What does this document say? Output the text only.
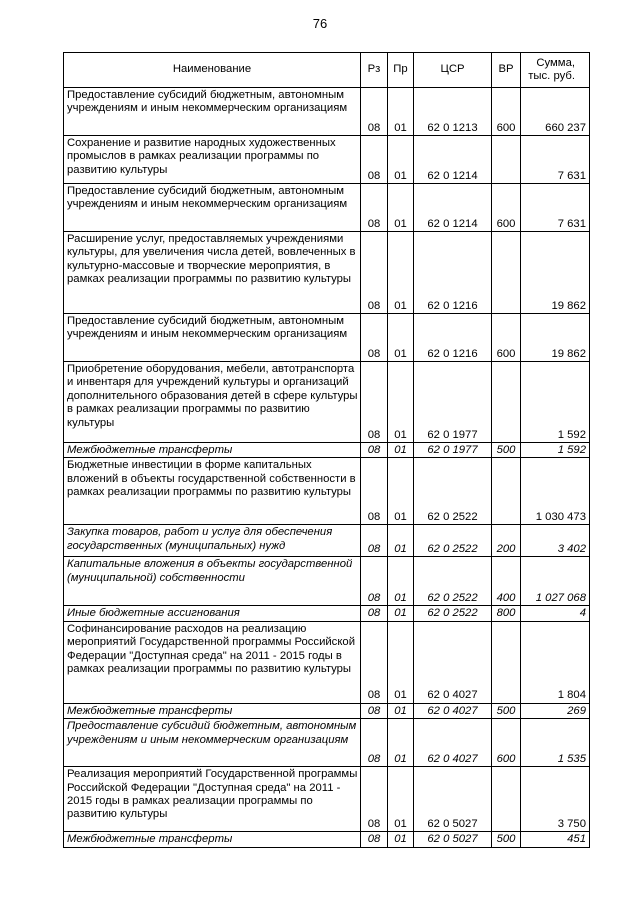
76
Наименование	Рз	Пр	ЦСР	ВР	Сумма,
тыс. руб.
Предоставление субсидий бюджетным, автономным учреждениям и иным некоммерческим организациям	08	01	62 0 1213	600	660 237
Сохранение и развитие народных художественных промыслов в рамках реализации программы по развитию культуры	08	01	62 0 1214		7 631
Предоставление субсидий бюджетным, автономным учреждениям и иным некоммерческим организациям	08	01	62 0 1214	600	7 631
Расширение услуг, предоставляемых учреждениями культуры, для увеличения числа детей, вовлеченных в культурно-массовые и творческие мероприятия, в рамках реализации программы по развитию культуры	08	01	62 0 1216		19 862
Предоставление субсидий бюджетным, автономным учреждениям и иным некоммерческим организациям	08	01	62 0 1216	600	19 862
Приобретение оборудования, мебели, автотранспорта и инвентаря для учреждений культуры и организаций дополнительного образования детей в сфере культуры в рамках реализации программы по развитию культуры	08	01	62 0 1977		1 592
Межбюджетные трансферты	08	01	62 0 1977	500	1 592
Бюджетные инвестиции в форме капитальных вложений в объекты государственной собственности в рамках реализации программы по развитию культуры	08	01	62 0 2522		1 030 473
Закупка товаров, работ и услуг для обеспечения государственных (муниципальных) нужд	08	01	62 0 2522	200	3 402
Капитальные вложения в объекты государственной (муниципальной) собственности	08	01	62 0 2522	400	1 027 068
Иные бюджетные ассигнования	08	01	62 0 2522	800	4
Софинансирование расходов на реализацию мероприятий Государственной программы Российской Федерации "Доступная среда" на 2011 - 2015 годы в рамках реализации программы по развитию культуры	08	01	62 0 4027		1 804
Межбюджетные трансферты	08	01	62 0 4027	500	269
Предоставление субсидий бюджетным, автономным учреждениям и иным некоммерческим организациям	08	01	62 0 4027	600	1 535
Реализация мероприятий Государственной программы Российской Федерации "Доступная среда" на 2011 - 2015 годы в рамках реализации программы по развитию культуры	08	01	62 0 5027		3 750
Межбюджетные трансферты	08	01	62 0 5027	500	451
